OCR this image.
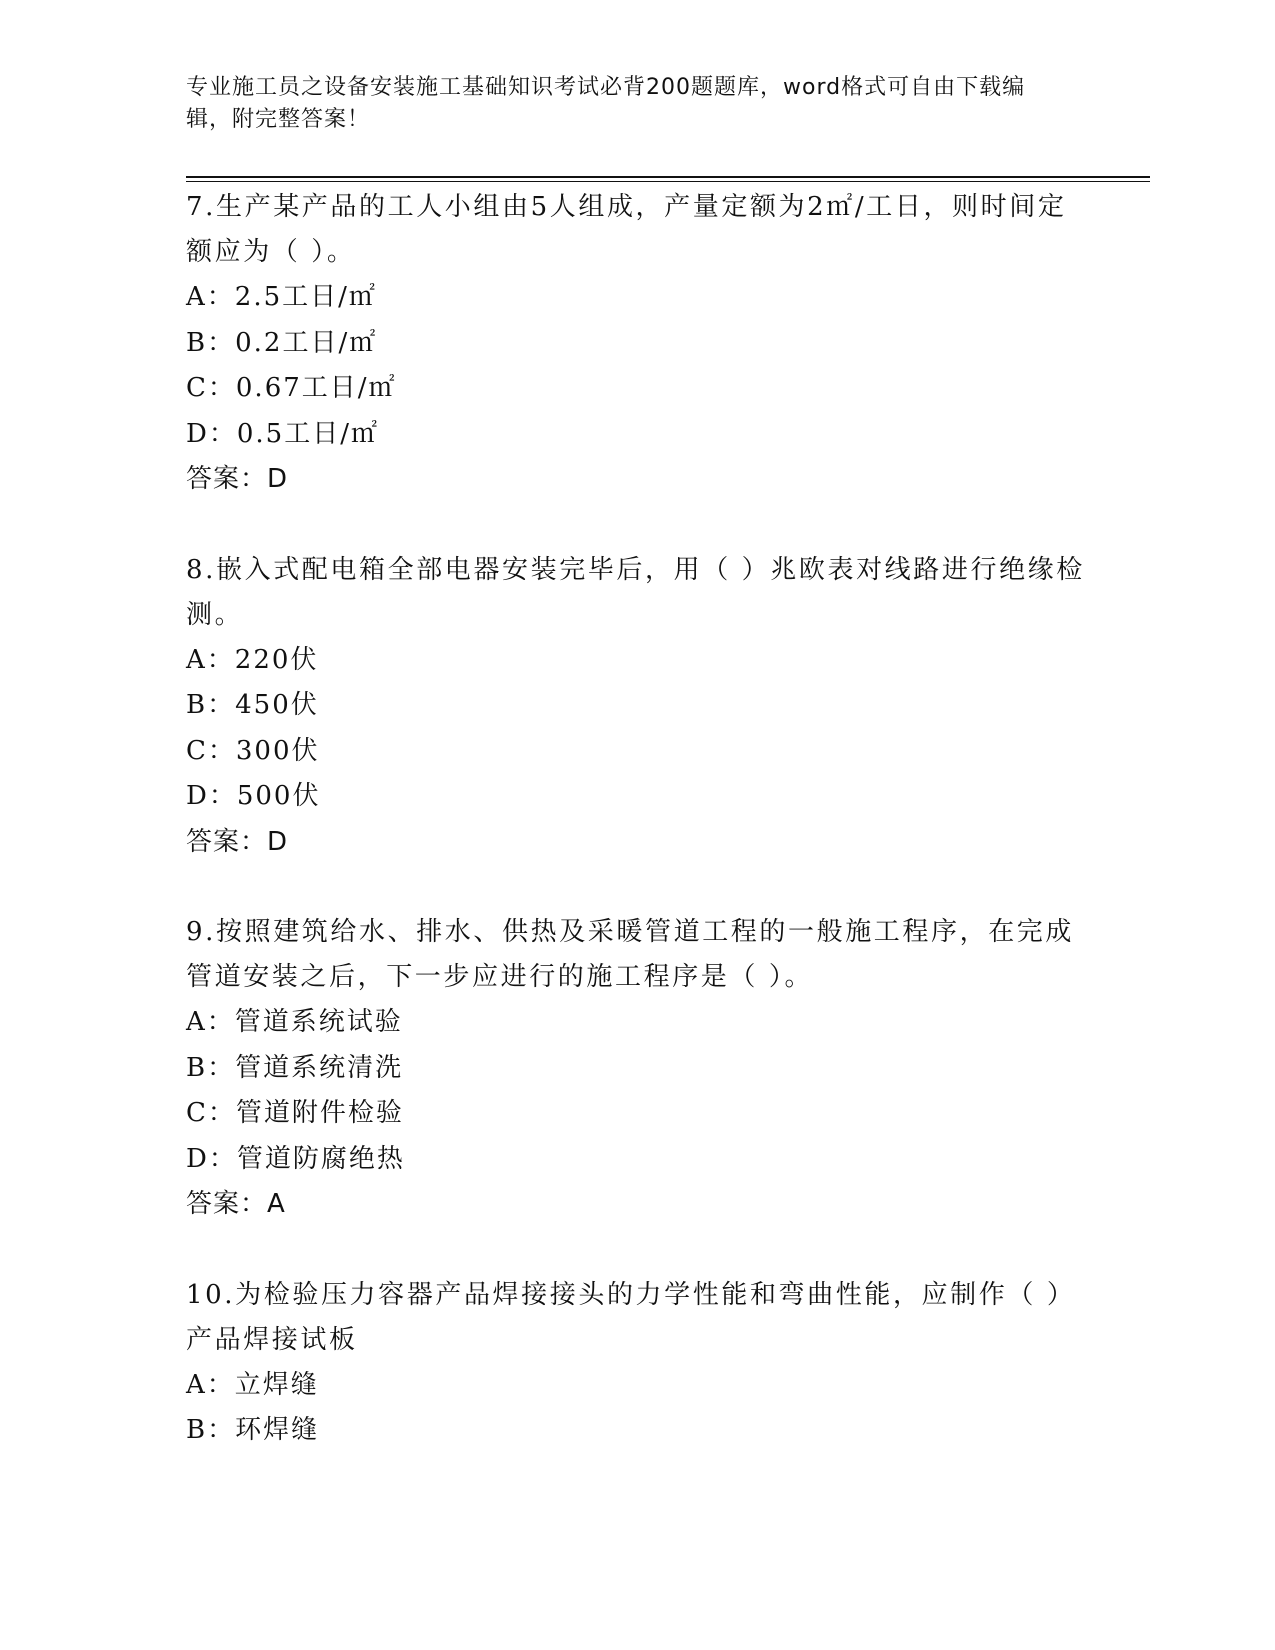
专业施工员之设备安装施工基础知识考试必背200题题库，word格式可自由下载编辑，附完整答案！

7.生产某产品的工人小组由5人组成，产量定额为2㎡/工日，则时间定额应为（ ）。

A：2.5工日/㎡

B：0.2工日/㎡

C：0.67工日/㎡

D：0.5工日/㎡

答案：D

8.嵌入式配电箱全部电器安装完毕后，用（ ）兆欧表对线路进行绝缘检测。

A：220伏

B：450伏

C：300伏

D：500伏

答案：D

9.按照建筑给水、排水、供热及采暖管道工程的一般施工程序，在完成管道安装之后，下一步应进行的施工程序是（ ）。

A：管道系统试验

B：管道系统清洗

C：管道附件检验

D：管道防腐绝热

答案：A

10.为检验压力容器产品焊接接头的力学性能和弯曲性能，应制作（ ）产品焊接试板

A：立焊缝

B：环焊缝
